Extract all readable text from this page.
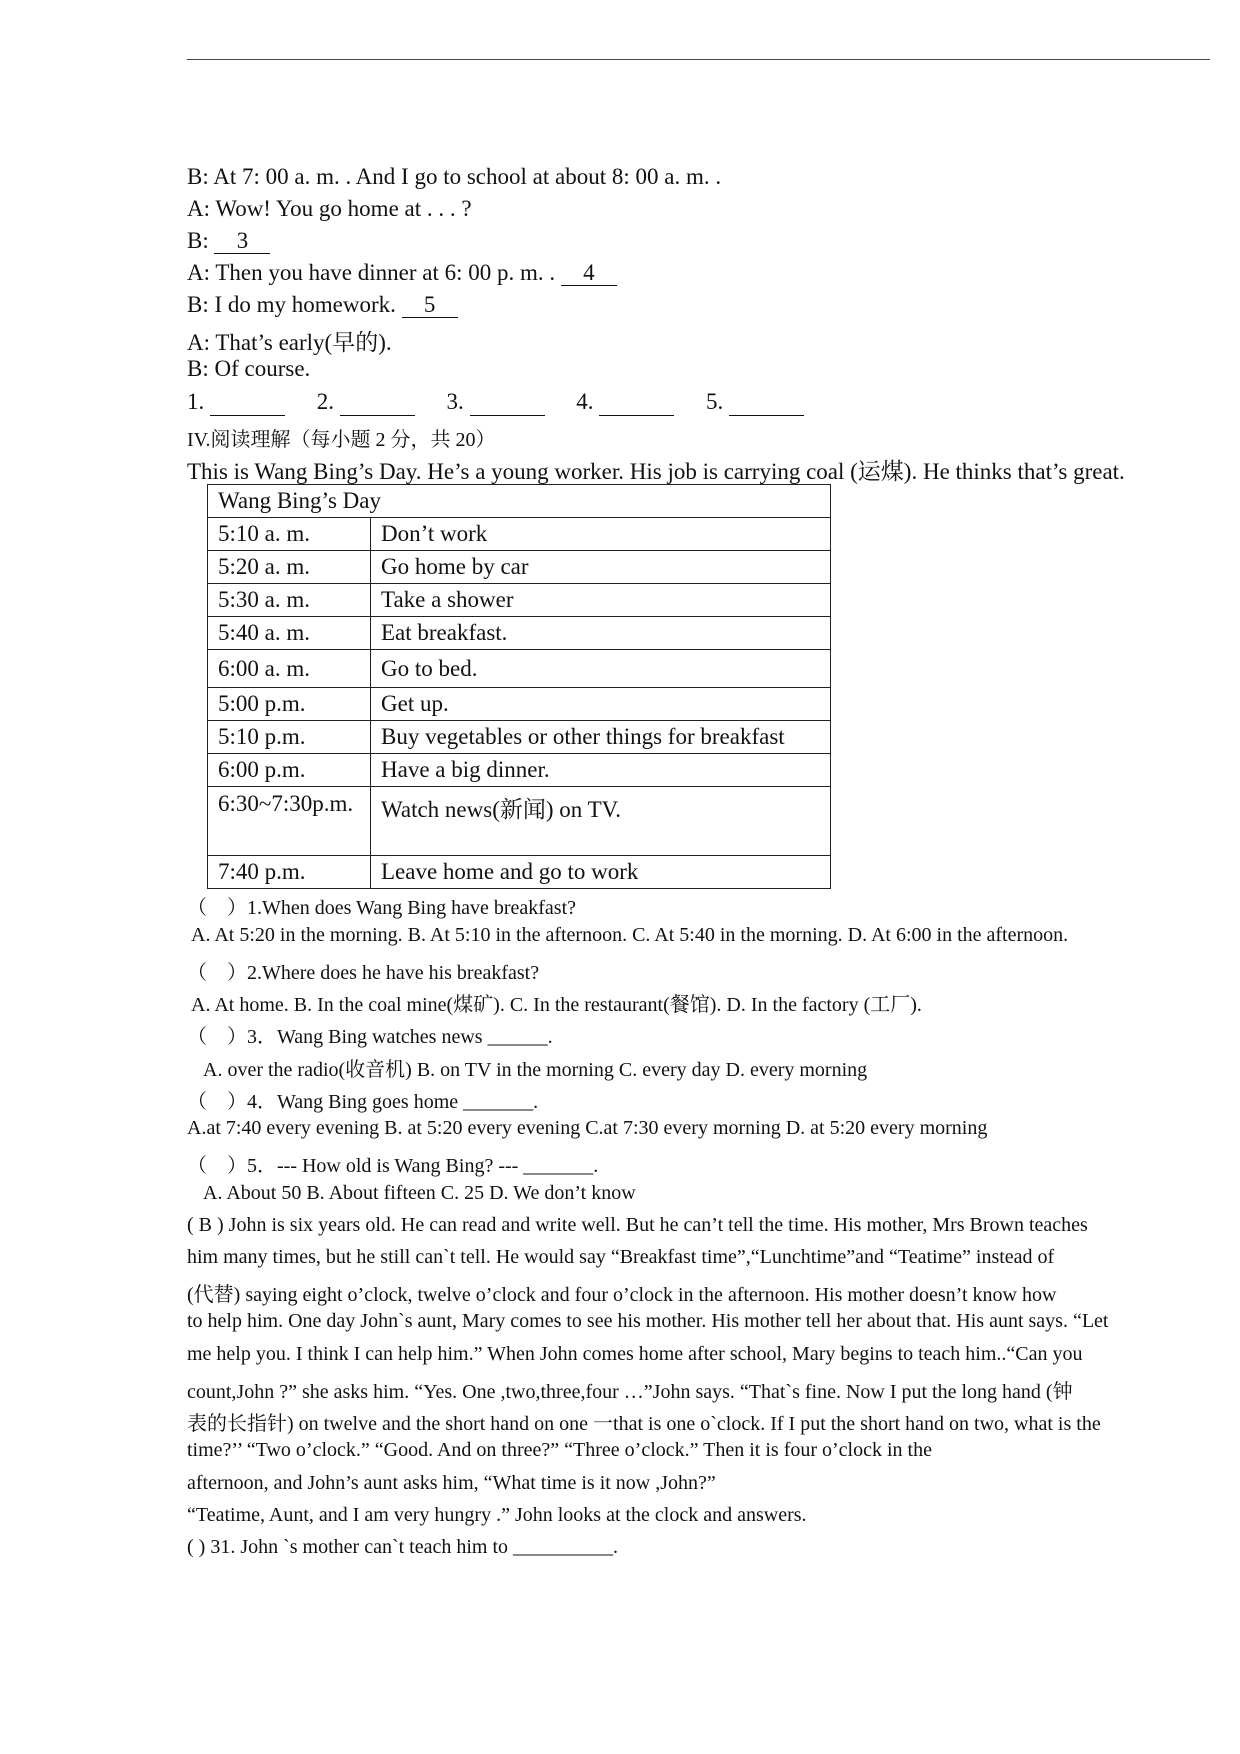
B: At 7: 00 a. m. . And I go to school at about 8: 00 a. m. .
A: Wow! You go home at . . . ?
B: 3
A: Then you have dinner at 6: 00 p. m. . 4
B: I do my homework. 5
A: That’s early(早的).
B: Of course.
1.	2.	3.	4.	5.
IV.阅读理解（每小题 2 分，共 20）
This is Wang Bing’s Day. He’s a young worker. His job is carrying coal (运煤). He thinks that’s great.
Wang Bing’s Day	
5:10 a. m.	Don’t work
5:20 a. m.	Go home by car
5:30 a. m.	Take a shower
5:40 a. m.	Eat breakfast.
6:00 a. m.	Go to bed.
5:00 p.m.	Get up.
5:10 p.m.	Buy vegetables or other things for breakfast
6:00 p.m.	Have a big dinner.
6:30~7:30p.m.	Watch news(新闻) on TV.
7:40 p.m.	Leave home and go to work
（　）1.When does Wang Bing have breakfast?
A. At 5:20 in the morning. B. At 5:10 in the afternoon. C. At 5:40 in the morning. D. At 6:00 in the afternoon.
（　）2.Where does he have his breakfast?
A. At home. B. In the coal mine(煤矿). C. In the restaurant(餐馆). D. In the factory (工厂).
（　）3．Wang Bing watches news ______.
A. over the radio(收音机) B. on TV in the morning C. every day D. every morning
（　）4．Wang Bing goes home _______.
A.at 7:40 every evening B. at 5:20 every evening C.at 7:30 every morning D. at 5:20 every morning
（　）5．--- How old is Wang Bing? --- _______.
A. About 50 B. About fifteen C. 25 D. We don’t know
( B ) John is six years old. He can read and write well. But he can’t tell the time. His mother, Mrs Brown teaches
him many times, but he still can`t tell. He would say “Breakfast time”,“Lunchtime”and “Teatime” instead of
(代替) saying eight o’clock, twelve o’clock and four o’clock in the afternoon. His mother doesn’t know how
to help him. One day John`s aunt, Mary comes to see his mother. His mother tell her about that. His aunt says. “Let
me help you. I think I can help him.” When John comes home after school, Mary begins to teach him..“Can you
count,John ?” she asks him. “Yes. One ,two,three,four …”John says. “That`s fine. Now I put the long hand (钟
表的长指针) on twelve and the short hand on one 一that is one o`clock. If I put the short hand on two, what is the
time?’’ “Two o’clock.” “Good. And on three?” “Three o’clock.” Then it is four o’clock in the
afternoon, and John’s aunt asks him, “What time is it now ,John?”
“Teatime, Aunt, and I am very hungry .” John looks at the clock and answers.
( ) 31. John `s mother can`t teach him to __________.
